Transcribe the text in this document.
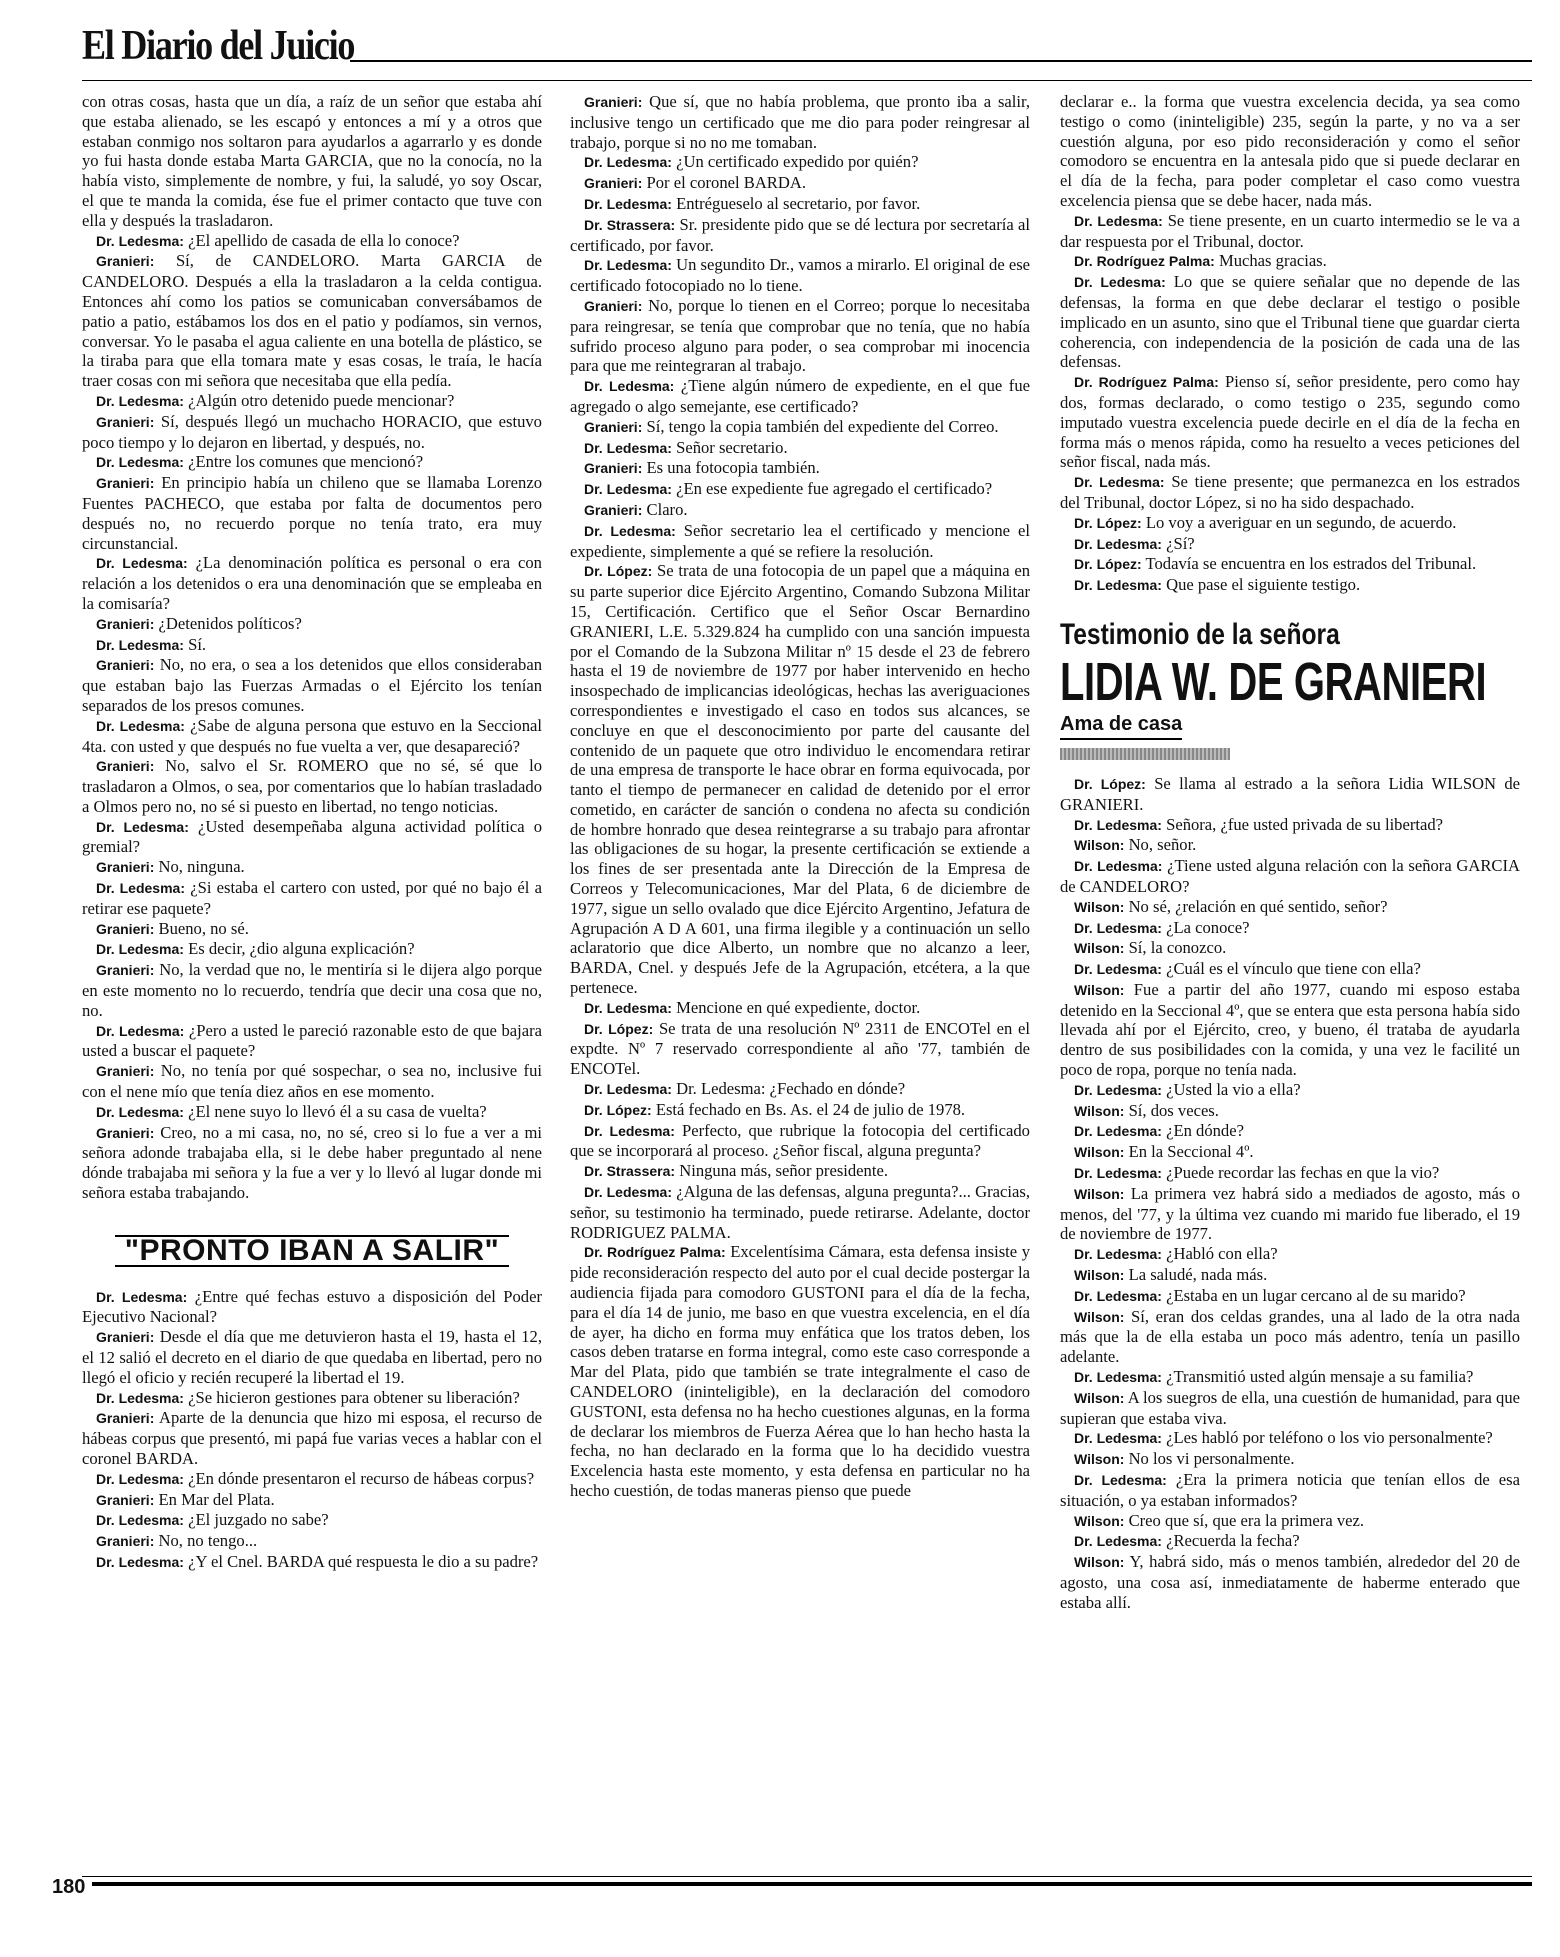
El Diario del Juicio

con otras cosas, hasta que un día, a raíz de un señor que estaba ahí que estaba alienado, se les escapó y entonces a mí y a otros que estaban conmigo nos soltaron para ayudarlos a agarrarlo y es donde yo fui hasta donde estaba Marta GARCIA, que no la conocía, no la había visto, simplemente de nombre, y fui, la saludé, yo soy Oscar, el que te manda la comida, ése fue el primer contacto que tuve con ella y después la trasladaron.

Dr. Ledesma: ¿El apellido de casada de ella lo conoce?

Granieri: Sí, de CANDELORO. Marta GARCIA de CANDELORO. Después a ella la trasladaron a la celda contigua. Entonces ahí como los patios se comunicaban conversábamos de patio a patio, estábamos los dos en el patio y podíamos, sin vernos, conversar. Yo le pasaba el agua caliente en una botella de plástico, se la tiraba para que ella tomara mate y esas cosas, le traía, le hacía traer cosas con mi señora que necesitaba que ella pedía.

Dr. Ledesma: ¿Algún otro detenido puede mencionar?

Granieri: Sí, después llegó un muchacho HORACIO, que estuvo poco tiempo y lo dejaron en libertad, y después, no.

Dr. Ledesma: ¿Entre los comunes que mencionó?

Granieri: En principio había un chileno que se llamaba Lorenzo Fuentes PACHECO, que estaba por falta de documentos pero después no, no recuerdo porque no tenía trato, era muy circunstancial.

Dr. Ledesma: ¿La denominación política es personal o era con relación a los detenidos o era una denominación que se empleaba en la comisaría?

Granieri: ¿Detenidos políticos?

Dr. Ledesma: Sí.

Granieri: No, no era, o sea a los detenidos que ellos consideraban que estaban bajo las Fuerzas Armadas o el Ejército los tenían separados de los presos comunes.

Dr. Ledesma: ¿Sabe de alguna persona que estuvo en la Seccional 4ta. con usted y que después no fue vuelta a ver, que desapareció?

Granieri: No, salvo el Sr. ROMERO que no sé, sé que lo trasladaron a Olmos, o sea, por comentarios que lo habían trasladado a Olmos pero no, no sé si puesto en libertad, no tengo noticias.

Dr. Ledesma: ¿Usted desempeñaba alguna actividad política o gremial?

Granieri: No, ninguna.

Dr. Ledesma: ¿Si estaba el cartero con usted, por qué no bajo él a retirar ese paquete?

Granieri: Bueno, no sé.

Dr. Ledesma: Es decir, ¿dio alguna explicación?

Granieri: No, la verdad que no, le mentiría si le dijera algo porque en este momento no lo recuerdo, tendría que decir una cosa que no, no.

Dr. Ledesma: ¿Pero a usted le pareció razonable esto de que bajara usted a buscar el paquete?

Granieri: No, no tenía por qué sospechar, o sea no, inclusive fui con el nene mío que tenía diez años en ese momento.

Dr. Ledesma: ¿El nene suyo lo llevó él a su casa de vuelta?

Granieri: Creo, no a mi casa, no, no sé, creo si lo fue a ver a mi señora adonde trabajaba ella, si le debe haber preguntado al nene dónde trabajaba mi señora y la fue a ver y lo llevó al lugar donde mi señora estaba trabajando.

"PRONTO IBAN A SALIR"

Dr. Ledesma: ¿Entre qué fechas estuvo a disposición del Poder Ejecutivo Nacional?

Granieri: Desde el día que me detuvieron hasta el 19, hasta el 12, el 12 salió el decreto en el diario de que quedaba en libertad, pero no llegó el oficio y recién recuperé la libertad el 19.

Dr. Ledesma: ¿Se hicieron gestiones para obtener su liberación?

Granieri: Aparte de la denuncia que hizo mi esposa, el recurso de hábeas corpus que presentó, mi papá fue varias veces a hablar con el coronel BARDA.

Dr. Ledesma: ¿En dónde presentaron el recurso de hábeas corpus?

Granieri: En Mar del Plata.

Dr. Ledesma: ¿El juzgado no sabe?

Granieri: No, no tengo...

Dr. Ledesma: ¿Y el Cnel. BARDA qué respuesta le dio a su padre?

Granieri: Que sí, que no había problema, que pronto iba a salir, inclusive tengo un certificado que me dio para poder reingresar al trabajo, porque si no no me tomaban.

Dr. Ledesma: ¿Un certificado expedido por quién?

Granieri: Por el coronel BARDA.

Dr. Ledesma: Entrégueselo al secretario, por favor.

Dr. Strassera: Sr. presidente pido que se dé lectura por secretaría al certificado, por favor.

Dr. Ledesma: Un segundito Dr., vamos a mirarlo. El original de ese certificado fotocopiado no lo tiene.

Granieri: No, porque lo tienen en el Correo; porque lo necesitaba para reingresar, se tenía que comprobar que no tenía, que no había sufrido proceso alguno para poder, o sea comprobar mi inocencia para que me reintegraran al trabajo.

Dr. Ledesma: ¿Tiene algún número de expediente, en el que fue agregado o algo semejante, ese certificado?

Granieri: Sí, tengo la copia también del expediente del Correo.

Dr. Ledesma: Señor secretario.

Granieri: Es una fotocopia también.

Dr. Ledesma: ¿En ese expediente fue agregado el certificado?

Granieri: Claro.

Dr. Ledesma: Señor secretario lea el certificado y mencione el expediente, simplemente a qué se refiere la resolución.

Dr. López: Se trata de una fotocopia de un papel que a máquina en su parte superior dice Ejército Argentino, Comando Subzona Militar 15, Certificación. Certifico que el Señor Oscar Bernardino GRANIERI, L.E. 5.329.824 ha cumplido con una sanción impuesta por el Comando de la Subzona Militar nº 15 desde el 23 de febrero hasta el 19 de noviembre de 1977 por haber intervenido en hecho insospechado de implicancias ideológicas, hechas las averiguaciones correspondientes e investigado el caso en todos sus alcances, se concluye en que el desconocimiento por parte del causante del contenido de un paquete que otro individuo le encomendara retirar de una empresa de transporte le hace obrar en forma equivocada, por tanto el tiempo de permanecer en calidad de detenido por el error cometido, en carácter de sanción o condena no afecta su condición de hombre honrado que desea reintegrarse a su trabajo para afrontar las obligaciones de su hogar, la presente certificación se extiende a los fines de ser presentada ante la Dirección de la Empresa de Correos y Telecomunicaciones, Mar del Plata, 6 de diciembre de 1977, sigue un sello ovalado que dice Ejército Argentino, Jefatura de Agrupación A D A 601, una firma ilegible y a continuación un sello aclaratorio que dice Alberto, un nombre que no alcanzo a leer, BARDA, Cnel. y después Jefe de la Agrupación, etcétera, a la que pertenece.

Dr. Ledesma: Mencione en qué expediente, doctor.

Dr. López: Se trata de una resolución Nº 2311 de ENCOTel en el expdte. Nº 7 reservado correspondiente al año '77, también de ENCOTel.

Dr. Ledesma: Dr. Ledesma: ¿Fechado en dónde?

Dr. López: Está fechado en Bs. As. el 24 de julio de 1978.

Dr. Ledesma: Perfecto, que rubrique la fotocopia del certificado que se incorporará al proceso. ¿Señor fiscal, alguna pregunta?

Dr. Strassera: Ninguna más, señor presidente.

Dr. Ledesma: ¿Alguna de las defensas, alguna pregunta?... Gracias, señor, su testimonio ha terminado, puede retirarse. Adelante, doctor RODRIGUEZ PALMA.

Dr. Rodríguez Palma: Excelentísima Cámara, esta defensa insiste y pide reconsideración respecto del auto por el cual decide postergar la audiencia fijada para comodoro GUSTONI para el día de la fecha, para el día 14 de junio, me baso en que vuestra excelencia, en el día de ayer, ha dicho en forma muy enfática que los tratos deben, los casos deben tratarse en forma integral, como este caso corresponde a Mar del Plata, pido que también se trate integralmente el caso de CANDELORO (ininteligible), en la declaración del comodoro GUSTONI, esta defensa no ha hecho cuestiones algunas, en la forma de declarar los miembros de Fuerza Aérea que lo han hecho hasta la fecha, no han declarado en la forma que lo ha decidido vuestra Excelencia hasta este momento, y esta defensa en particular no ha hecho cuestión, de todas maneras pienso que puede

declarar e.. la forma que vuestra excelencia decida, ya sea como testigo o como (ininteligible) 235, según la parte, y no va a ser cuestión alguna, por eso pido reconsideración y como el señor comodoro se encuentra en la antesala pido que si puede declarar en el día de la fecha, para poder completar el caso como vuestra excelencia piensa que se debe hacer, nada más.

Dr. Ledesma: Se tiene presente, en un cuarto intermedio se le va a dar respuesta por el Tribunal, doctor.

Dr. Rodríguez Palma: Muchas gracias.

Dr. Ledesma: Lo que se quiere señalar que no depende de las defensas, la forma en que debe declarar el testigo o posible implicado en un asunto, sino que el Tribunal tiene que guardar cierta coherencia, con independencia de la posición de cada una de las defensas.

Dr. Rodríguez Palma: Pienso sí, señor presidente, pero como hay dos, formas declarado, o como testigo o 235, segundo como imputado vuestra excelencia puede decirle en el día de la fecha en forma más o menos rápida, como ha resuelto a veces peticiones del señor fiscal, nada más.

Dr. Ledesma: Se tiene presente; que permanezca en los estrados del Tribunal, doctor López, si no ha sido despachado.

Dr. López: Lo voy a averiguar en un segundo, de acuerdo.

Dr. Ledesma: ¿Sí?

Dr. López: Todavía se encuentra en los estrados del Tribunal.

Dr. Ledesma: Que pase el siguiente testigo.

Testimonio de la señora
LIDIA W. DE GRANIERI
Ama de casa

Dr. López: Se llama al estrado a la señora Lidia WILSON de GRANIERI.

Dr. Ledesma: Señora, ¿fue usted privada de su libertad?

Wilson: No, señor.

Dr. Ledesma: ¿Tiene usted alguna relación con la señora GARCIA de CANDELORO?

Wilson: No sé, ¿relación en qué sentido, señor?

Dr. Ledesma: ¿La conoce?

Wilson: Sí, la conozco.

Dr. Ledesma: ¿Cuál es el vínculo que tiene con ella?

Wilson: Fue a partir del año 1977, cuando mi esposo estaba detenido en la Seccional 4º, que se entera que esta persona había sido llevada ahí por el Ejército, creo, y bueno, él trataba de ayudarla dentro de sus posibilidades con la comida, y una vez le facilité un poco de ropa, porque no tenía nada.

Dr. Ledesma: ¿Usted la vio a ella?

Wilson: Sí, dos veces.

Dr. Ledesma: ¿En dónde?

Wilson: En la Seccional 4º.

Dr. Ledesma: ¿Puede recordar las fechas en que la vio?

Wilson: La primera vez habrá sido a mediados de agosto, más o menos, del '77, y la última vez cuando mi marido fue liberado, el 19 de noviembre de 1977.

Dr. Ledesma: ¿Habló con ella?

Wilson: La saludé, nada más.

Dr. Ledesma: ¿Estaba en un lugar cercano al de su marido?

Wilson: Sí, eran dos celdas grandes, una al lado de la otra nada más que la de ella estaba un poco más adentro, tenía un pasillo adelante.

Dr. Ledesma: ¿Transmitió usted algún mensaje a su familia?

Wilson: A los suegros de ella, una cuestión de humanidad, para que supieran que estaba viva.

Dr. Ledesma: ¿Les habló por teléfono o los vio personalmente?

Wilson: No los vi personalmente.

Dr. Ledesma: ¿Era la primera noticia que tenían ellos de esa situación, o ya estaban informados?

Wilson: Creo que sí, que era la primera vez.

Dr. Ledesma: ¿Recuerda la fecha?

Wilson: Y, habrá sido, más o menos también, alrededor del 20 de agosto, una cosa así, inmediatamente de haberme enterado que estaba allí.

180
